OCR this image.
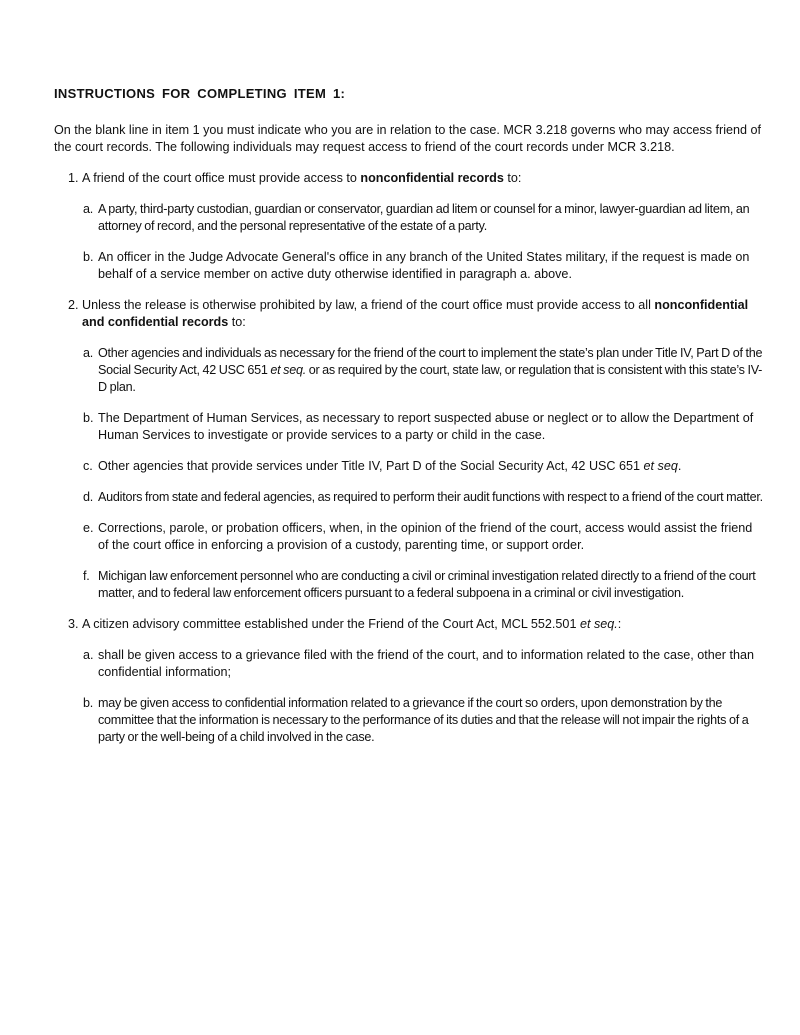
INSTRUCTIONS FOR COMPLETING ITEM 1:
On the blank line in item 1 you must indicate who you are in relation to the case. MCR 3.218 governs who may access friend of the court records. The following individuals may request access to friend of the court records under MCR 3.218.
1. A friend of the court office must provide access to nonconfidential records to:
a. A party, third-party custodian, guardian or conservator, guardian ad litem or counsel for a minor, lawyer-guardian ad litem, an attorney of record, and the personal representative of the estate of a party.
b. An officer in the Judge Advocate General's office in any branch of the United States military, if the request is made on behalf of a service member on active duty otherwise identified in paragraph a. above.
2. Unless the release is otherwise prohibited by law, a friend of the court office must provide access to all nonconfidential and confidential records to:
a. Other agencies and individuals as necessary for the friend of the court to implement the state’s plan under Title IV, Part D of the Social Security Act, 42 USC 651 et seq. or as required by the court, state law, or regulation that is consistent with this state’s IV-D plan.
b. The Department of Human Services, as necessary to report suspected abuse or neglect or to allow the Department of Human Services to investigate or provide services to a party or child in the case.
c. Other agencies that provide services under Title IV, Part D of the Social Security Act, 42 USC 651 et seq.
d. Auditors from state and federal agencies, as required to perform their audit functions with respect to a friend of the court matter.
e. Corrections, parole, or probation officers, when, in the opinion of the friend of the court, access would assist the friend of the court office in enforcing a provision of a custody, parenting time, or support order.
f. Michigan law enforcement personnel who are conducting a civil or criminal investigation related directly to a friend of the court matter, and to federal law enforcement officers pursuant to a federal subpoena in a criminal or civil investigation.
3. A citizen advisory committee established under the Friend of the Court Act, MCL 552.501 et seq.:
a. shall be given access to a grievance filed with the friend of the court, and to information related to the case, other than confidential information;
b. may be given access to confidential information related to a grievance if the court so orders, upon demonstration by the committee that the information is necessary to the performance of its duties and that the release will not impair the rights of a party or the well-being of a child involved in the case.
